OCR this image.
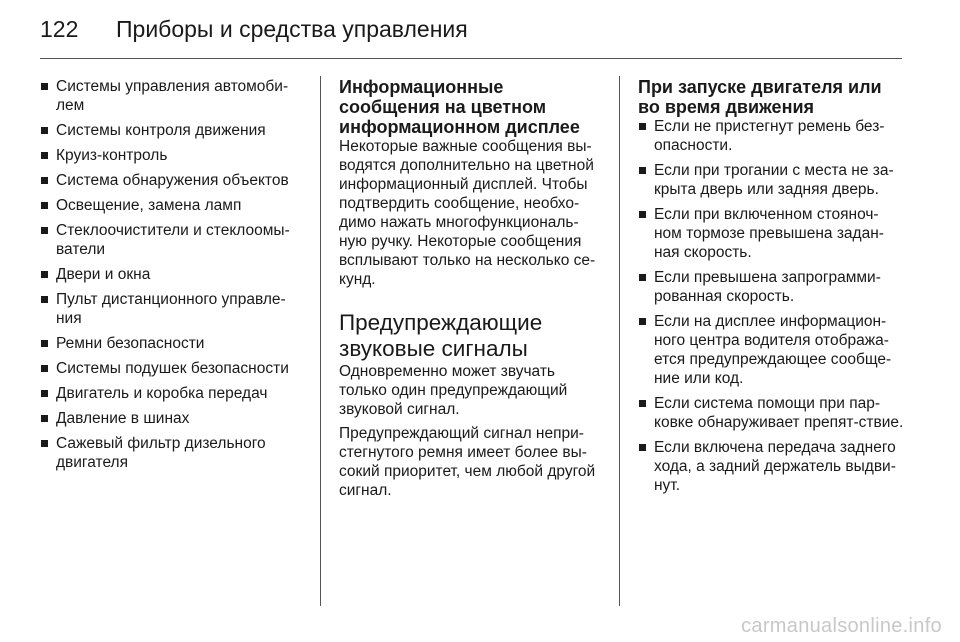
122 Приборы и средства управления
Системы управления автомоби-лем
Системы контроля движения
Круиз-контроль
Система обнаружения объектов
Освещение, замена ламп
Стеклоочистители и стеклоомы-ватели
Двери и окна
Пульт дистанционного управле-ния
Ремни безопасности
Системы подушек безопасности
Двигатель и коробка передач
Давление в шинах
Сажевый фильтр дизельного двигателя
Информационные сообщения на цветном информационном дисплее

Некоторые важные сообщения вы-водятся дополнительно на цветной информационный дисплей. Чтобы подтвердить сообщение, необхо-димо нажать многофункциональ-ную ручку. Некоторые сообщения всплывают только на несколько се-кунд.

Предупреждающие звуковые сигналы

Одновременно может звучать только один предупреждающий звуковой сигнал.

Предупреждающий сигнал непри-стегнутого ремня имеет более вы-сокий приоритет, чем любой другой сигнал.

При запуске двигателя или во время движения
Если не пристегнут ремень без-опасности.
Если при трогании с места не за-крыта дверь или задняя дверь.
Если при включенном стояноч-ном тормозе превышена задан-ная скорость.
Если превышена запрограмми-рованная скорость.
Если на дисплее информацион-ного центра водителя отобража-ется предупреждающее сообще-ние или код.
Если система помощи при пар-ковке обнаруживает препят-ствие.
Если включена передача заднего хода, а задний держатель выдви-нут.
carmanualsonline.info
